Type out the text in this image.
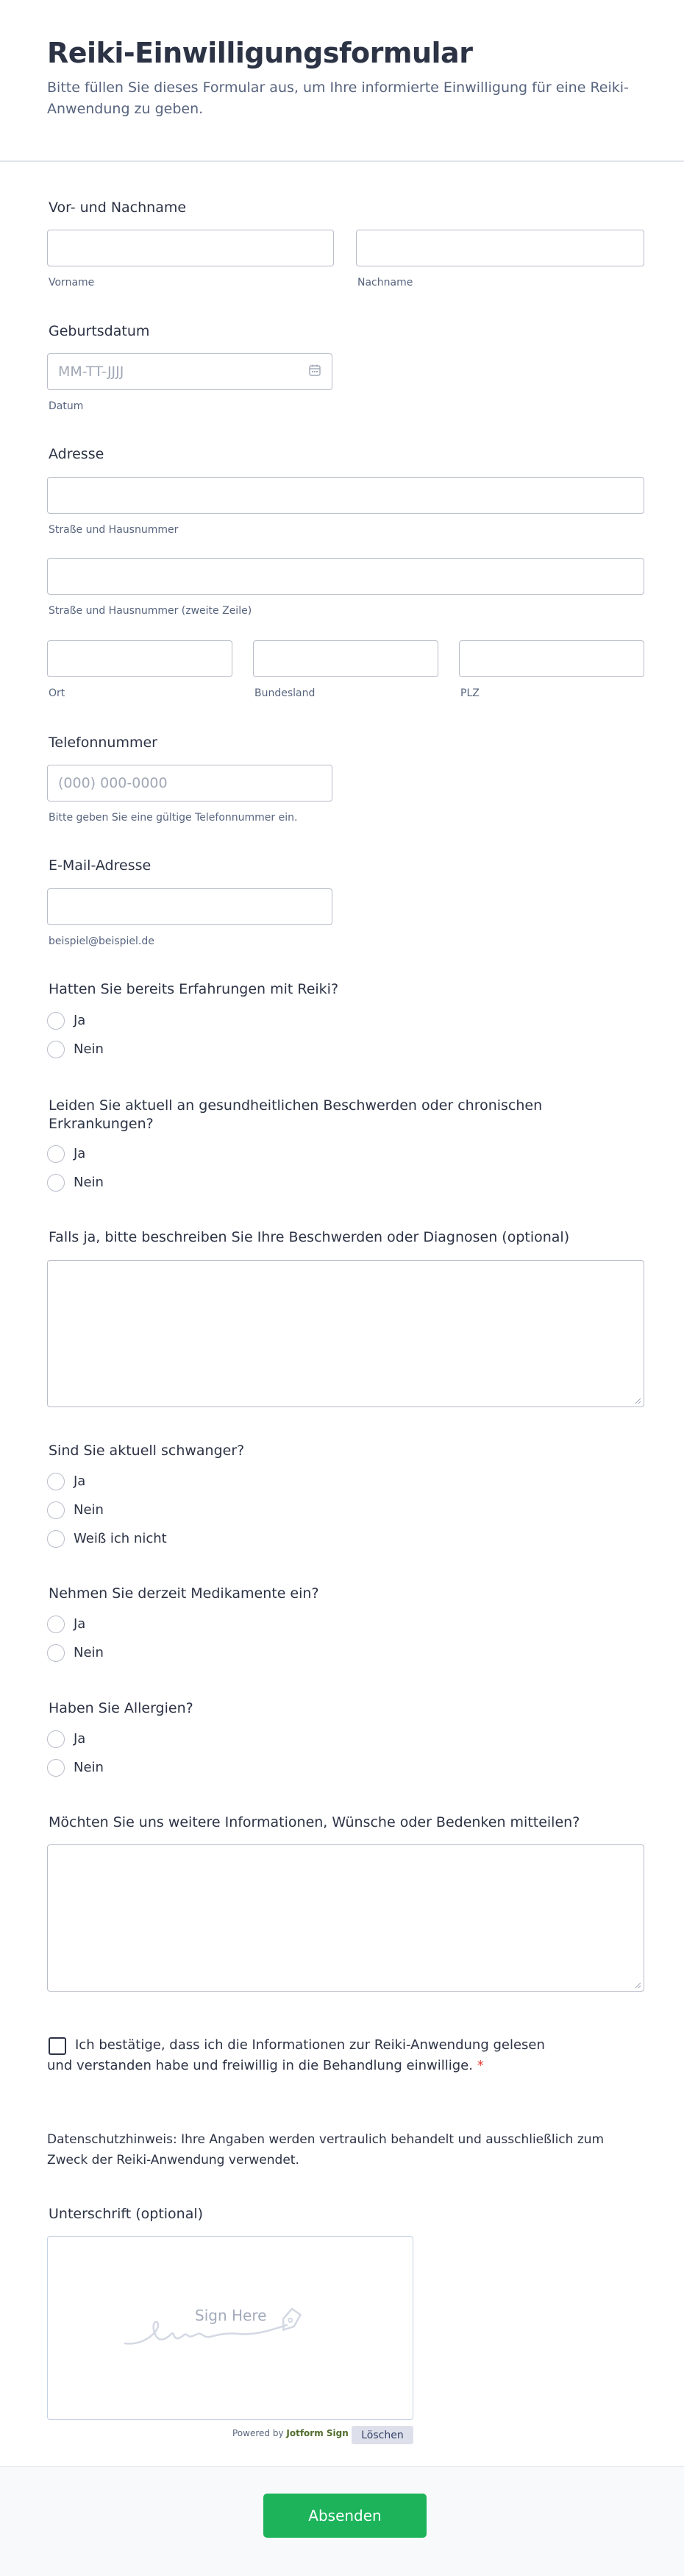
Reiki-Einwilligungsformular
Bitte füllen Sie dieses Formular aus, um Ihre informierte Einwilligung für eine Reiki-Anwendung zu geben.
Vor- und Nachname
Vorname	Nachname
Geburtsdatum
MM-TT-JJJJ
Datum
Adresse
Straße und Hausnummer
Straße und Hausnummer (zweite Zeile)
Ort	Bundesland	PLZ
Telefonnummer
(000) 000-0000
Bitte geben Sie eine gültige Telefonnummer ein.
E-Mail-Adresse
beispiel@beispiel.de
Hatten Sie bereits Erfahrungen mit Reiki?
Ja
Nein
Leiden Sie aktuell an gesundheitlichen Beschwerden oder chronischen Erkrankungen?
Ja
Nein
Falls ja, bitte beschreiben Sie Ihre Beschwerden oder Diagnosen (optional)
Sind Sie aktuell schwanger?
Ja
Nein
Weiß ich nicht
Nehmen Sie derzeit Medikamente ein?
Ja
Nein
Haben Sie Allergien?
Ja
Nein
Möchten Sie uns weitere Informationen, Wünsche oder Bedenken mitteilen?
Ich bestätige, dass ich die Informationen zur Reiki-Anwendung gelesen
und verstanden habe und freiwillig in die Behandlung einwillige. *
Datenschutzhinweis: Ihre Angaben werden vertraulich behandelt und ausschließlich zum Zweck der Reiki-Anwendung verwendet.
Unterschrift (optional)
Sign Here
Powered by Jotform Sign	Löschen
Absenden
